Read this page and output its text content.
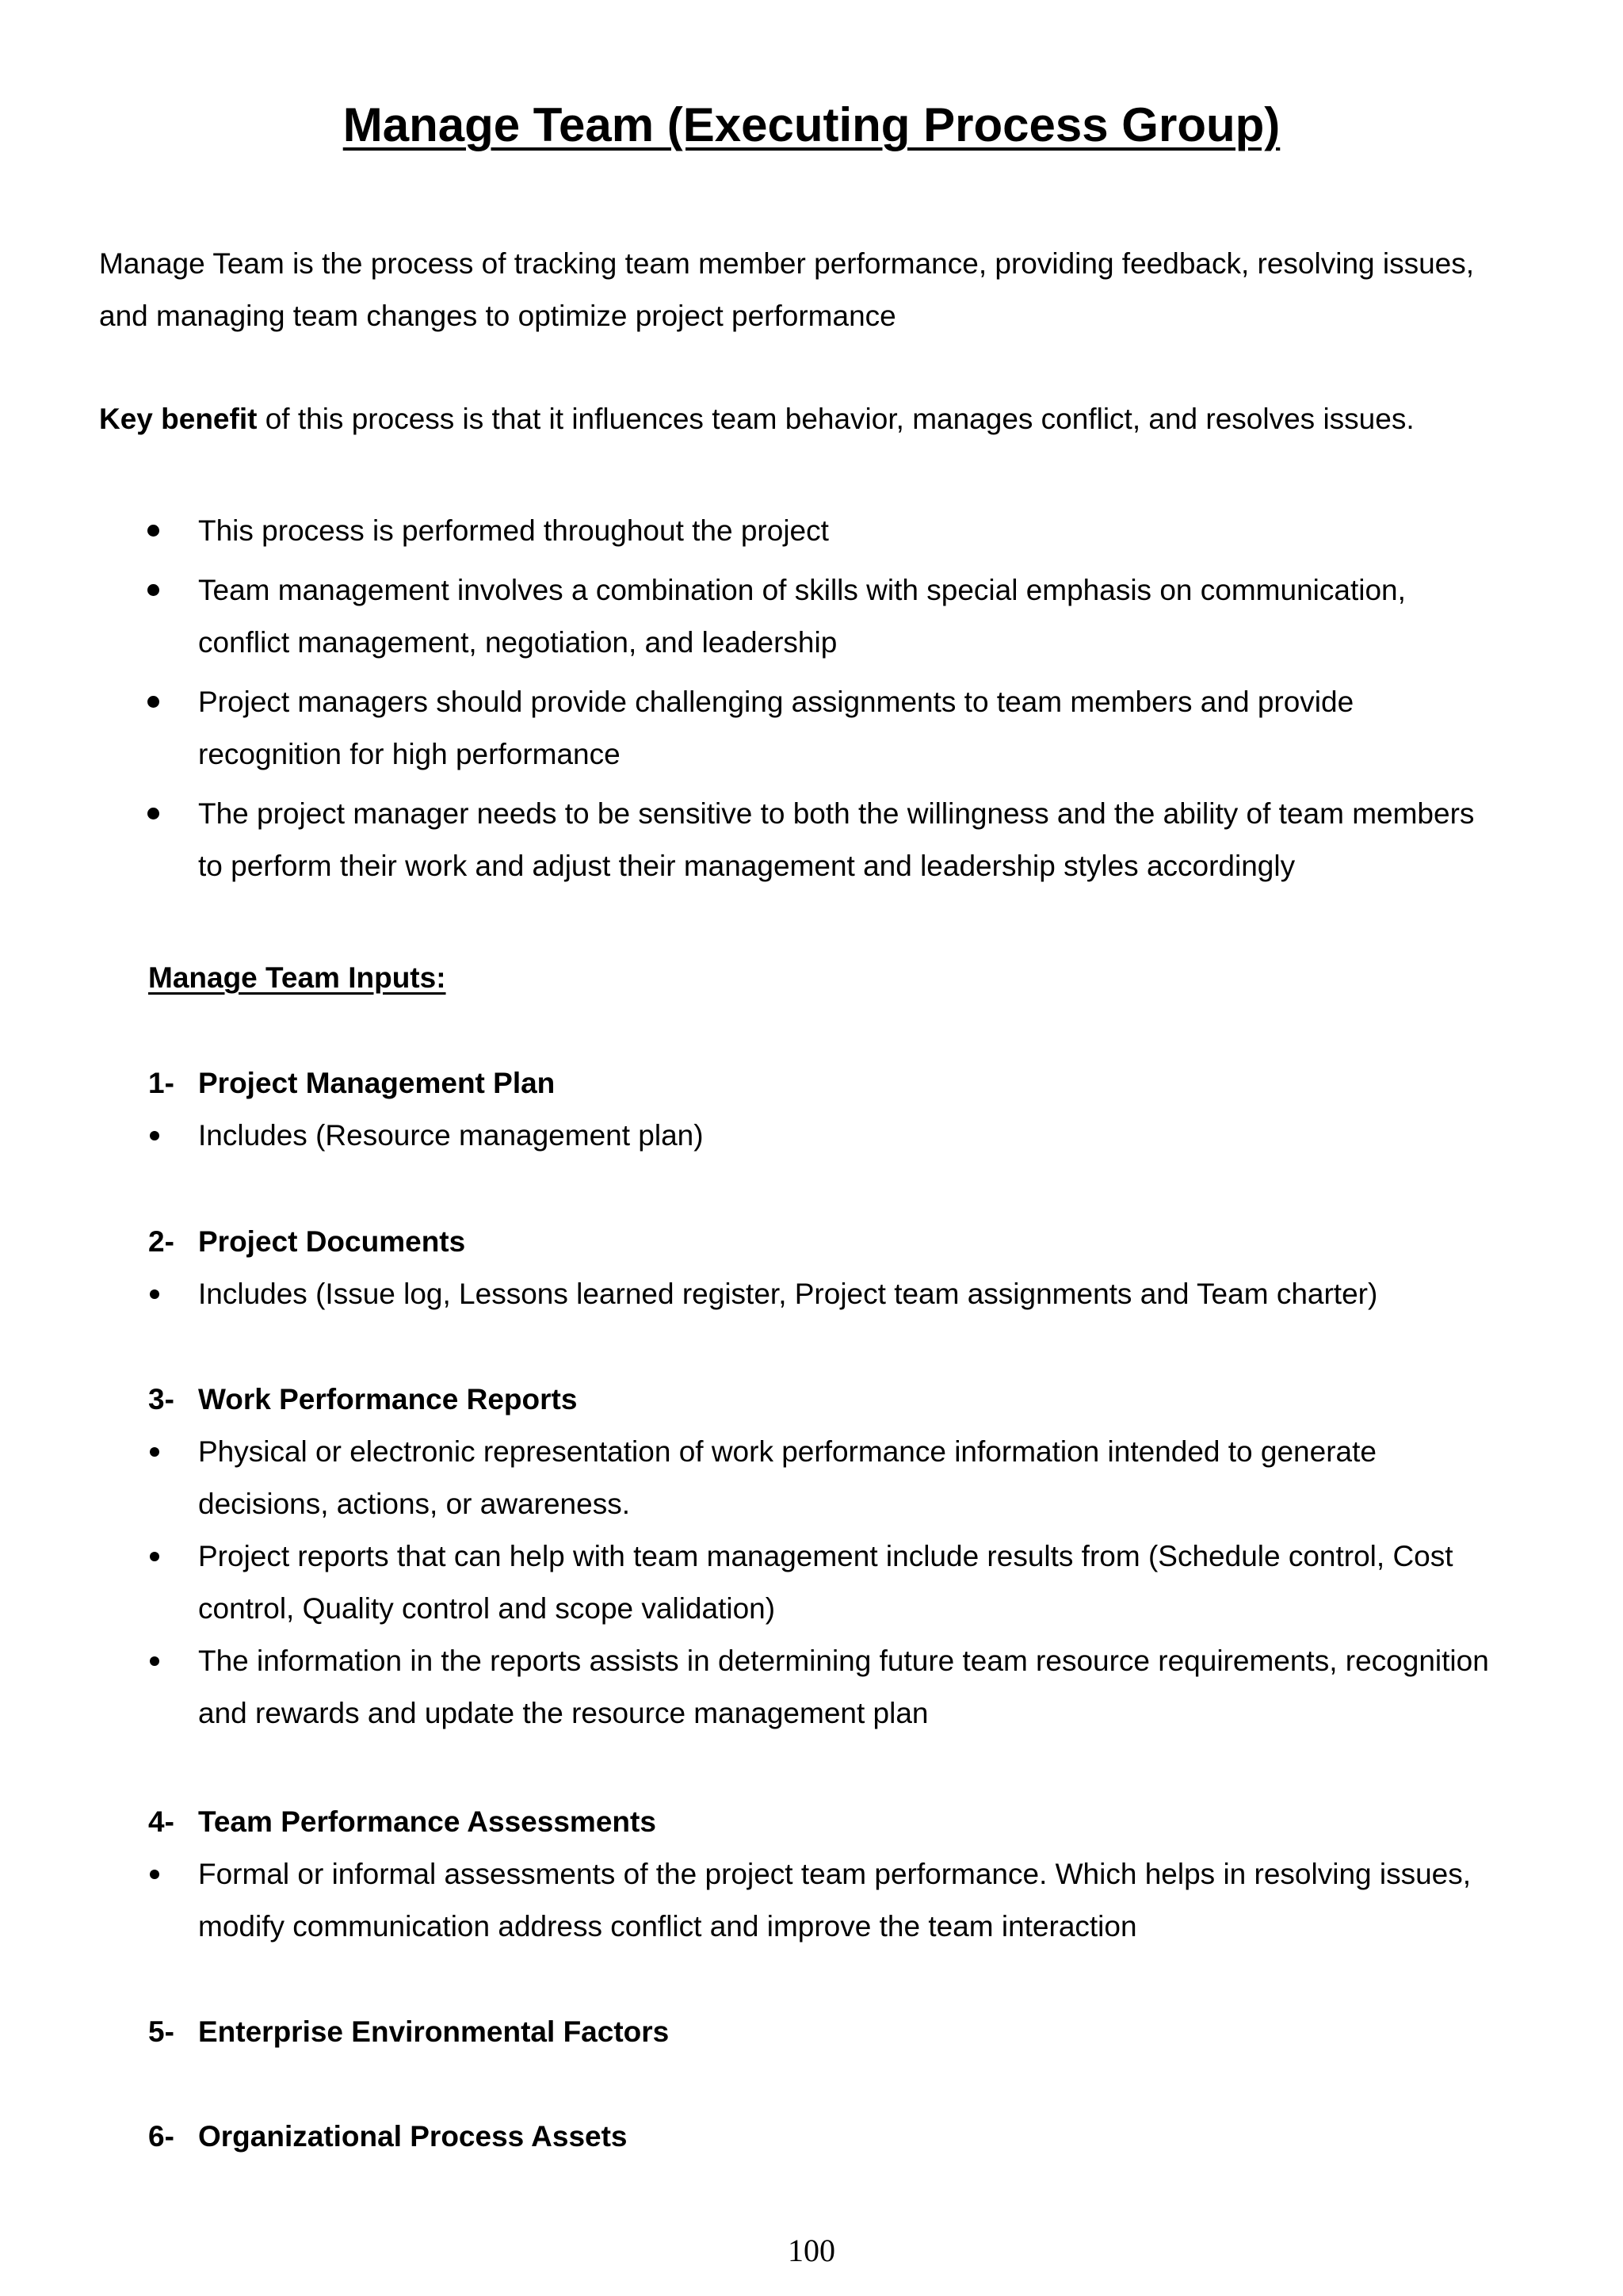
Manage Team (Executing Process Group)
Manage Team is the process of tracking team member performance, providing feedback, resolving issues,
and managing team changes to optimize project performance
Key benefit of this process is that it influences team behavior, manages conflict, and resolves issues.
This process is performed throughout the project
Team management involves a combination of skills with special emphasis on communication,
conflict management, negotiation, and leadership
Project managers should provide challenging assignments to team members and provide
recognition for high performance
The project manager needs to be sensitive to both the willingness and the ability of team members
to perform their work and adjust their management and leadership styles accordingly
Manage Team Inputs:
1- Project Management Plan
Includes (Resource management plan)
2- Project Documents
Includes (Issue log, Lessons learned register, Project team assignments and Team charter)
3- Work Performance Reports
Physical or electronic representation of work performance information intended to generate
decisions, actions, or awareness.
Project reports that can help with team management include results from (Schedule control, Cost
control, Quality control and scope validation)
The information in the reports assists in determining future team resource requirements, recognition
and rewards and update the resource management plan
4- Team Performance Assessments
Formal or informal assessments of the project team performance. Which helps in resolving issues,
modify communication address conflict and improve the team interaction
5- Enterprise Environmental Factors
6- Organizational Process Assets
100
